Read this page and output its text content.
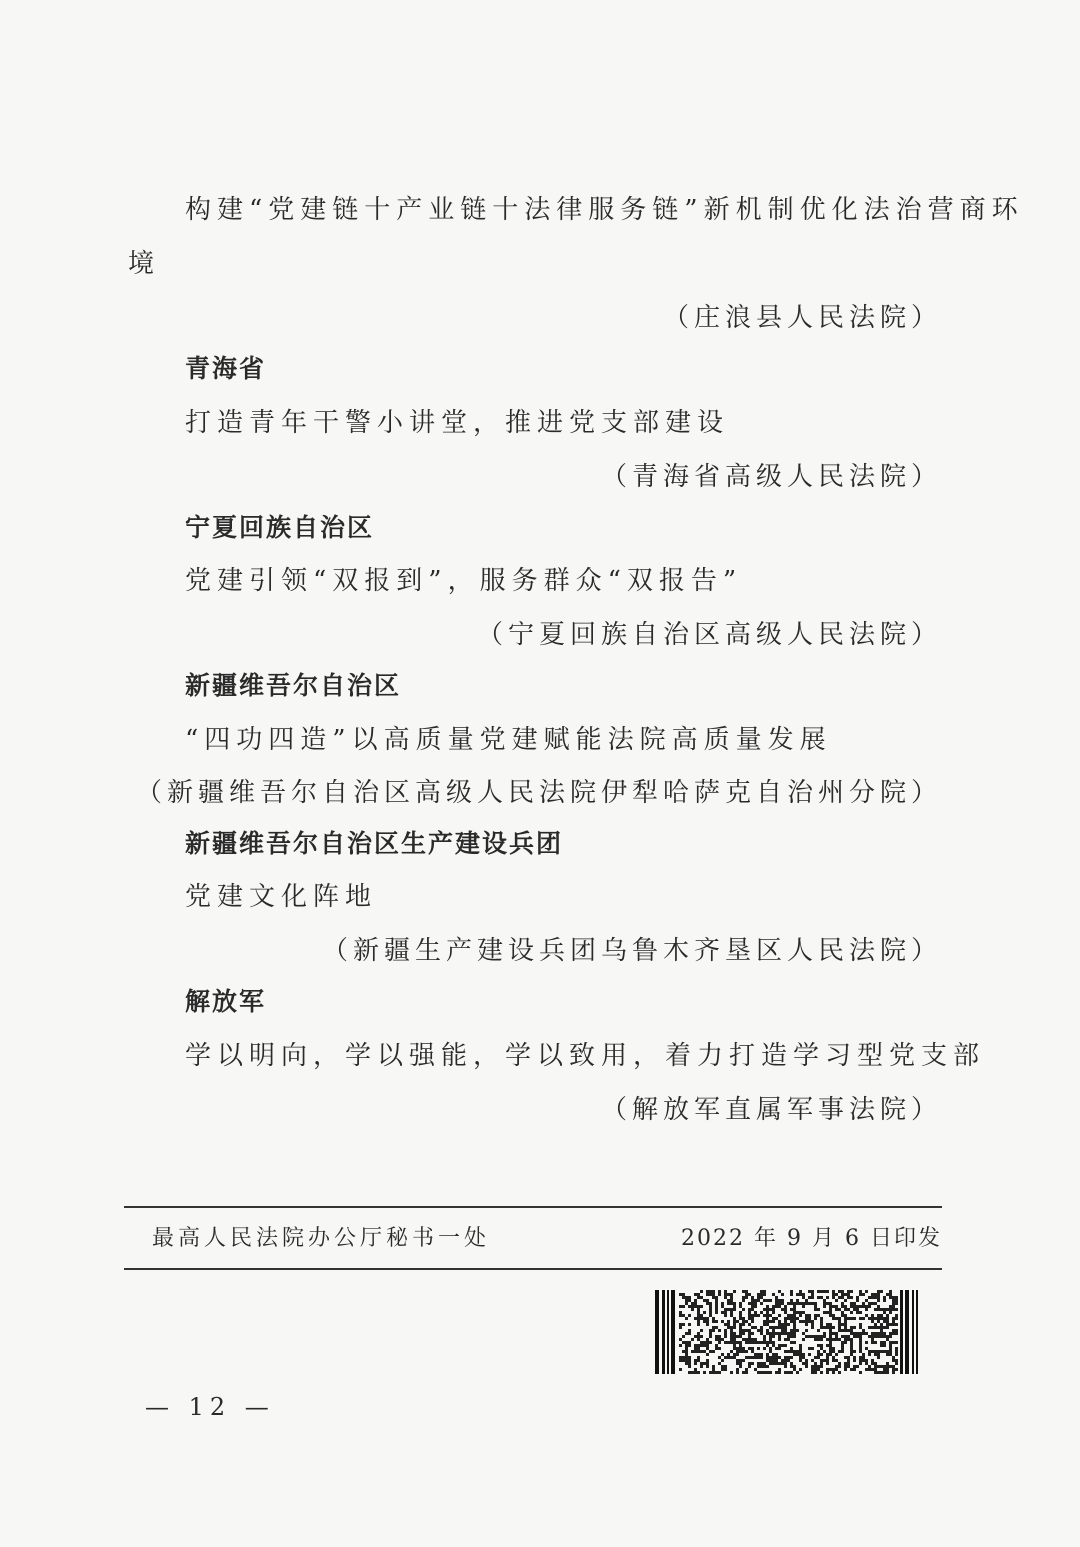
构建“党建链十产业链十法律服务链”新机制优化法治营商环
境
（庄浪县人民法院）
青海省
打造青年干警小讲堂，推进党支部建设
（青海省高级人民法院）
宁夏回族自治区
党建引领“双报到”，服务群众“双报告”
（宁夏回族自治区高级人民法院）
新疆维吾尔自治区
“四功四造”以高质量党建赋能法院高质量发展
（新疆维吾尔自治区高级人民法院伊犁哈萨克自治州分院）
新疆维吾尔自治区生产建设兵团
党建文化阵地
（新疆生产建设兵团乌鲁木齐垦区人民法院）
解放军
学以明向，学以强能，学以致用，着力打造学习型党支部
（解放军直属军事法院）
最高人民法院办公厅秘书一处	2022 年 9 月 6 日印发
— 12 —
